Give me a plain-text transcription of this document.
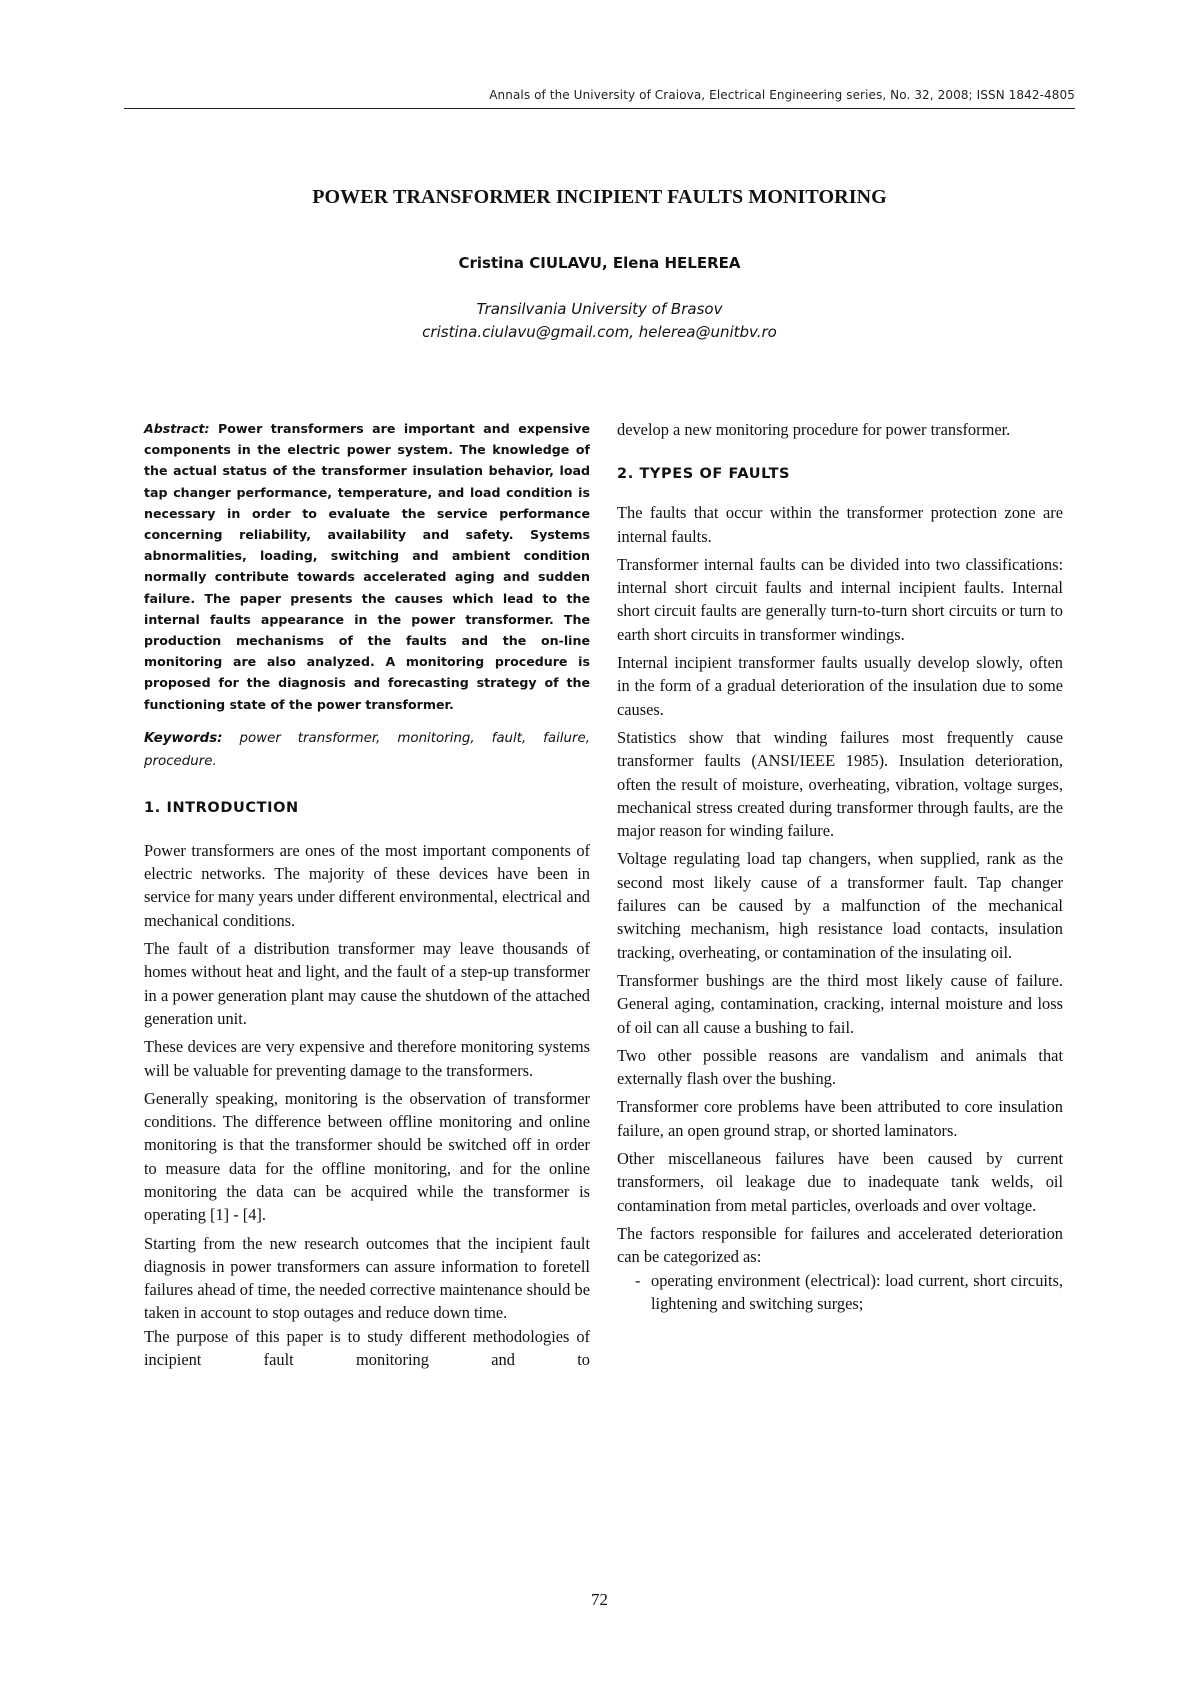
Annals of the University of Craiova, Electrical Engineering series, No. 32, 2008; ISSN 1842-4805
POWER TRANSFORMER INCIPIENT FAULTS MONITORING
Cristina CIULAVU, Elena HELEREA
Transilvania University of Brasov
cristina.ciulavu@gmail.com, helerea@unitbv.ro

Abstract: Power transformers are important and expensive components in the electric power system. The knowledge of the actual status of the transformer insulation behavior, load tap changer performance, temperature, and load condition is necessary in order to evaluate the service performance concerning reliability, availability and safety. Systems abnormalities, loading, switching and ambient condition normally contribute towards accelerated aging and sudden failure. The paper presents the causes which lead to the internal faults appearance in the power transformer. The production mechanisms of the faults and the on-line monitoring are also analyzed. A monitoring procedure is proposed for the diagnosis and forecasting strategy of the functioning state of the power transformer.

Keywords: power transformer, monitoring, fault, failure, procedure.

1. INTRODUCTION

Power transformers are ones of the most important components of electric networks. The majority of these devices have been in service for many years under different environmental, electrical and mechanical conditions.

The fault of a distribution transformer may leave thousands of homes without heat and light, and the fault of a step-up transformer in a power generation plant may cause the shutdown of the attached generation unit.

These devices are very expensive and therefore monitoring systems will be valuable for preventing damage to the transformers.

Generally speaking, monitoring is the observation of transformer conditions. The difference between offline monitoring and online monitoring is that the transformer should be switched off in order to measure data for the offline monitoring, and for the online monitoring the data can be acquired while the transformer is operating [1] - [4].

Starting from the new research outcomes that the incipient fault diagnosis in power transformers can assure information to foretell failures ahead of time, the needed corrective maintenance should be taken in account to stop outages and reduce down time.

The purpose of this paper is to study different methodologies of incipient fault monitoring and to

develop a new monitoring procedure for power transformer.

2. TYPES OF FAULTS

The faults that occur within the transformer protection zone are internal faults.

Transformer internal faults can be divided into two classifications: internal short circuit faults and internal incipient faults. Internal short circuit faults are generally turn-to-turn short circuits or turn to earth short circuits in transformer windings.

Internal incipient transformer faults usually develop slowly, often in the form of a gradual deterioration of the insulation due to some causes.

Statistics show that winding failures most frequently cause transformer faults (ANSI/IEEE 1985). Insulation deterioration, often the result of moisture, overheating, vibration, voltage surges, mechanical stress created during transformer through faults, are the major reason for winding failure.

Voltage regulating load tap changers, when supplied, rank as the second most likely cause of a transformer fault. Tap changer failures can be caused by a malfunction of the mechanical switching mechanism, high resistance load contacts, insulation tracking, overheating, or contamination of the insulating oil.

Transformer bushings are the third most likely cause of failure. General aging, contamination, cracking, internal moisture and loss of oil can all cause a bushing to fail.

Two other possible reasons are vandalism and animals that externally flash over the bushing.

Transformer core problems have been attributed to core insulation failure, an open ground strap, or shorted laminators.

Other miscellaneous failures have been caused by current transformers, oil leakage due to inadequate tank welds, oil contamination from metal particles, overloads and over voltage.

The factors responsible for failures and accelerated deterioration can be categorized as:

- operating environment (electrical): load current, short circuits, lightening and switching surges;
72
